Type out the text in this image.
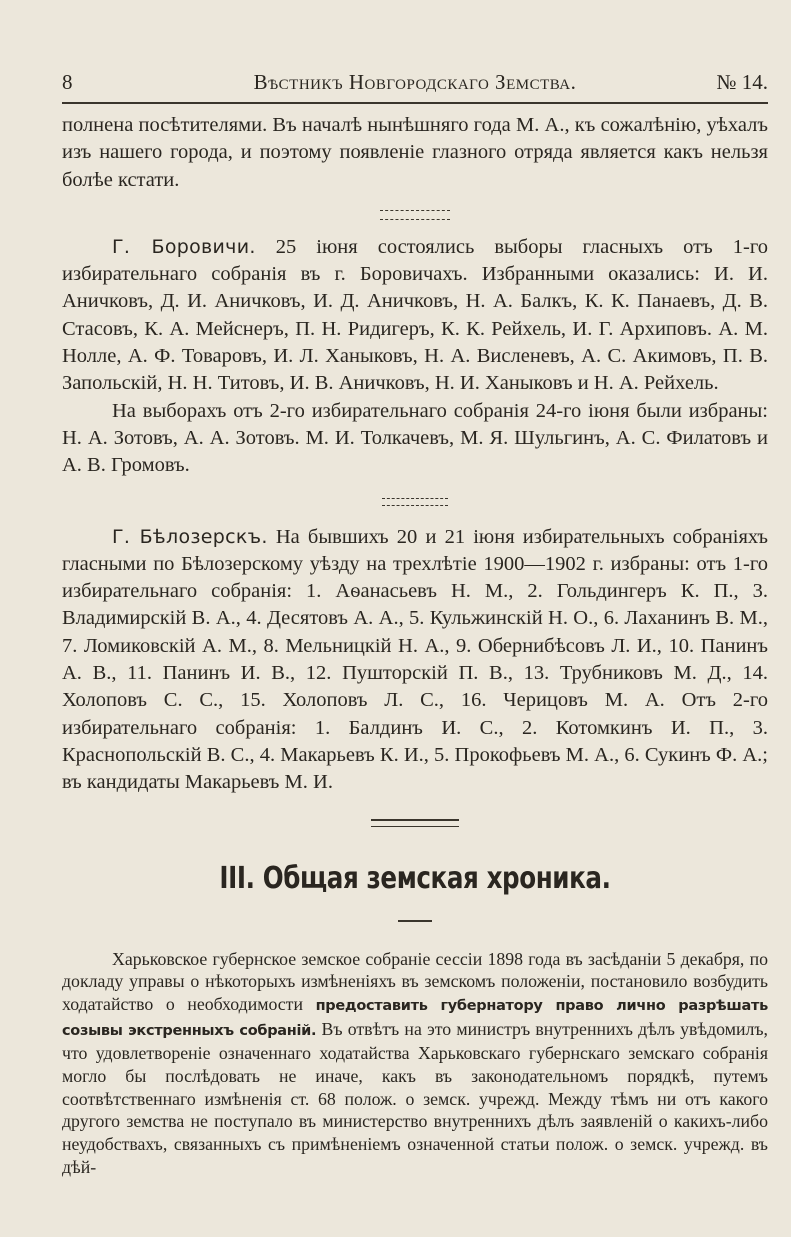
8	Вѣстникъ Новгородскаго Земства.	№ 14.

полнена посѣтителями. Въ началѣ нынѣшняго года М. А., къ сожалѣнію, уѣхалъ изъ нашего города, и поэтому появленіе глазного отряда является какъ нельзя болѣе кстати.

Г. Боровичи. 25 іюня состоялись выборы гласныхъ отъ 1-го избирательнаго собранія въ г. Боровичахъ. Избранными оказались: И. И. Аничковъ, Д. И. Аничковъ, И. Д. Аничковъ, Н. А. Балкъ, К. К. Панаевъ, Д. В. Стасовъ, К. А. Мейснеръ, П. Н. Ридигеръ, К. К. Рейхель, И. Г. Архиповъ. А. М. Нолле, А. Ф. Товаровъ, И. Л. Ханыковъ, Н. А. Висленевъ, А. С. Акимовъ, П. В. Запольскій, Н. Н. Титовъ, И. В. Аничковъ, Н. И. Ханыковъ и Н. А. Рейхель.

На выборахъ отъ 2-го избирательнаго собранія 24-го іюня были избраны: Н. А. Зотовъ, А. А. Зотовъ. М. И. Толкачевъ, М. Я. Шульгинъ, А. С. Филатовъ и А. В. Громовъ.

Г. Бѣлозерскъ. На бывшихъ 20 и 21 іюня избирательныхъ собраніяхъ гласными по Бѣлозерскому уѣзду на трехлѣтіе 1900—1902 г. избраны: отъ 1-го избирательнаго собранія: 1. Аѳанасьевъ Н. М., 2. Гольдингеръ К. П., 3. Владимирскій В. А., 4. Десятовъ А. А., 5. Кульжинскій Н. О., 6. Лаханинъ В. М., 7. Ломиковскій А. М., 8. Мельницкій Н. А., 9. Обернибѣсовъ Л. И., 10. Панинъ А. В., 11. Панинъ И. В., 12. Пушторскій П. В., 13. Трубниковъ М. Д., 14. Холоповъ С. С., 15. Холоповъ Л. С., 16. Черицовъ М. А. Отъ 2-го избирательнаго собранія: 1. Балдинъ И. С., 2. Котомкинъ И. П., 3. Краснопольскій В. С., 4. Макарьевъ К. И., 5. Прокофьевъ М. А., 6. Сукинъ Ф. А.; въ кандидаты Макарьевъ М. И.

III. Общая земская хроника.

Харьковское губернское земское собраніе сессіи 1898 года въ засѣданіи 5 декабря, по докладу управы о нѣкоторыхъ измѣненіяхъ въ земскомъ положеніи, постановило возбудить ходатайство о необходимости предоставить губернатору право лично разрѣшать созывы экстренныхъ собраній. Въ отвѣтъ на это министръ внутреннихъ дѣлъ увѣдомилъ, что удовлетвореніе означеннаго ходатайства Харьковскаго губернскаго земскаго собранія могло бы послѣдовать не иначе, какъ въ законодательномъ порядкѣ, путемъ соотвѣтственнаго измѣненія ст. 68 полож. о земск. учрежд. Между тѣмъ ни отъ какого другого земства не поступало въ министерство внутреннихъ дѣлъ заявленій о какихъ-либо неудобствахъ, связанныхъ съ примѣненіемъ означенной статьи полож. о земск. учрежд. въ дѣй-
